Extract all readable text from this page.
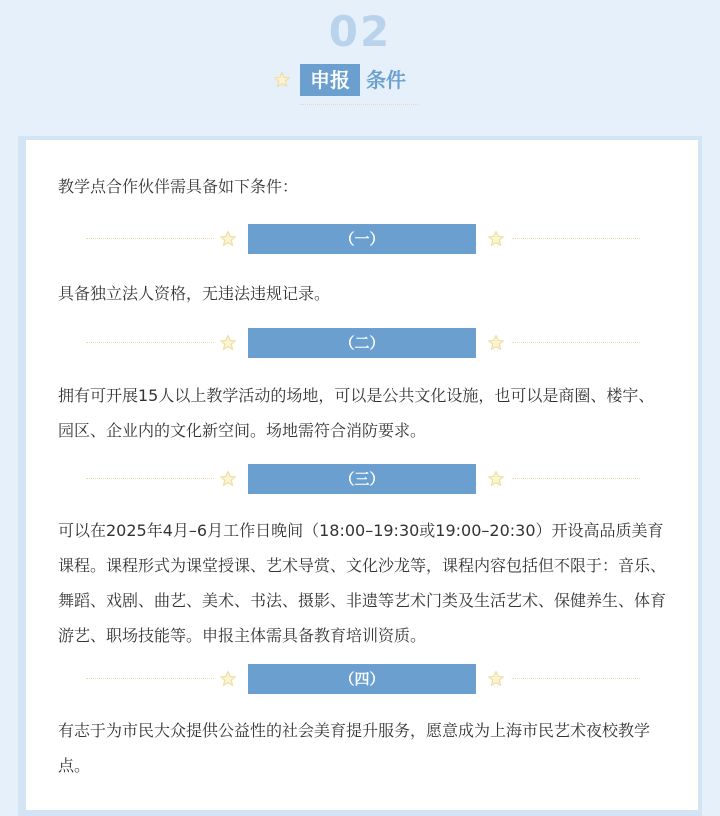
02
申报 条件

教学点合作伙伴需具备如下条件：

（一）

具备独立法人资格，无违法违规记录。

（二）

拥有可开展15人以上教学活动的场地，可以是公共文化设施，也可以是商圈、楼宇、园区、企业内的文化新空间。场地需符合消防要求。

（三）

可以在2025年4月–6月工作日晚间（18:00–19:30或19:00–20:30）开设高品质美育课程。课程形式为课堂授课、艺术导赏、文化沙龙等，课程内容包括但不限于：音乐、舞蹈、戏剧、曲艺、美术、书法、摄影、非遗等艺术门类及生活艺术、保健养生、体育游艺、职场技能等。申报主体需具备教育培训资质。

（四）

有志于为市民大众提供公益性的社会美育提升服务，愿意成为上海市民艺术夜校教学点。
